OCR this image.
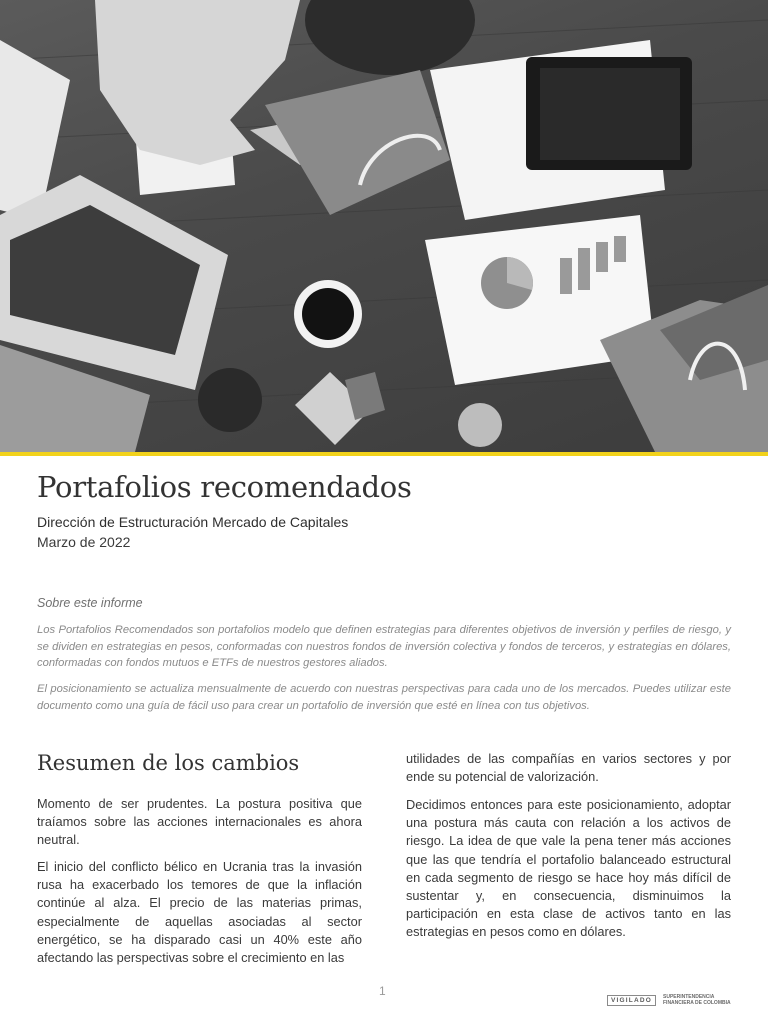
Portafolios recomendados
Dirección de Estructuración Mercado de Capitales
Marzo de 2022
Sobre este informe

Los Portafolios Recomendados son portafolios modelo que definen estrategias para diferentes objetivos de inversión y perfiles de riesgo, y se dividen en estrategias en pesos, conformadas con nuestros fondos de inversión colectiva y fondos de terceros, y estrategias en dólares, conformadas con fondos mutuos e ETFs de nuestros gestores aliados.

El posicionamiento se actualiza mensualmente de acuerdo con nuestras perspectivas para cada uno de los mercados. Puedes utilizar este documento como una guía de fácil uso para crear un portafolio de inversión que esté en línea con tus objetivos.

Resumen de los cambios

Momento de ser prudentes. La postura positiva que traíamos sobre las acciones internacionales es ahora neutral.

El inicio del conflicto bélico en Ucrania tras la invasión rusa ha exacerbado los temores de que la inflación continúe al alza. El precio de las materias primas, especialmente de aquellas asociadas al sector energético, se ha disparado casi un 40% este año afectando las perspectivas sobre el crecimiento en las

utilidades de las compañías en varios sectores y por ende su potencial de valorización.

Decidimos entonces para este posicionamiento, adoptar una postura más cauta con relación a los activos de riesgo. La idea de que vale la pena tener más acciones que las que tendría el portafolio balanceado estructural en cada segmento de riesgo se hace hoy más difícil de sustentar y, en consecuencia, disminuimos la participación en esta clase de activos tanto en las estrategias en pesos como en dólares.

1
VIGILADO	SUPERINTENDENCIA FINANCIERA DE COLOMBIA
